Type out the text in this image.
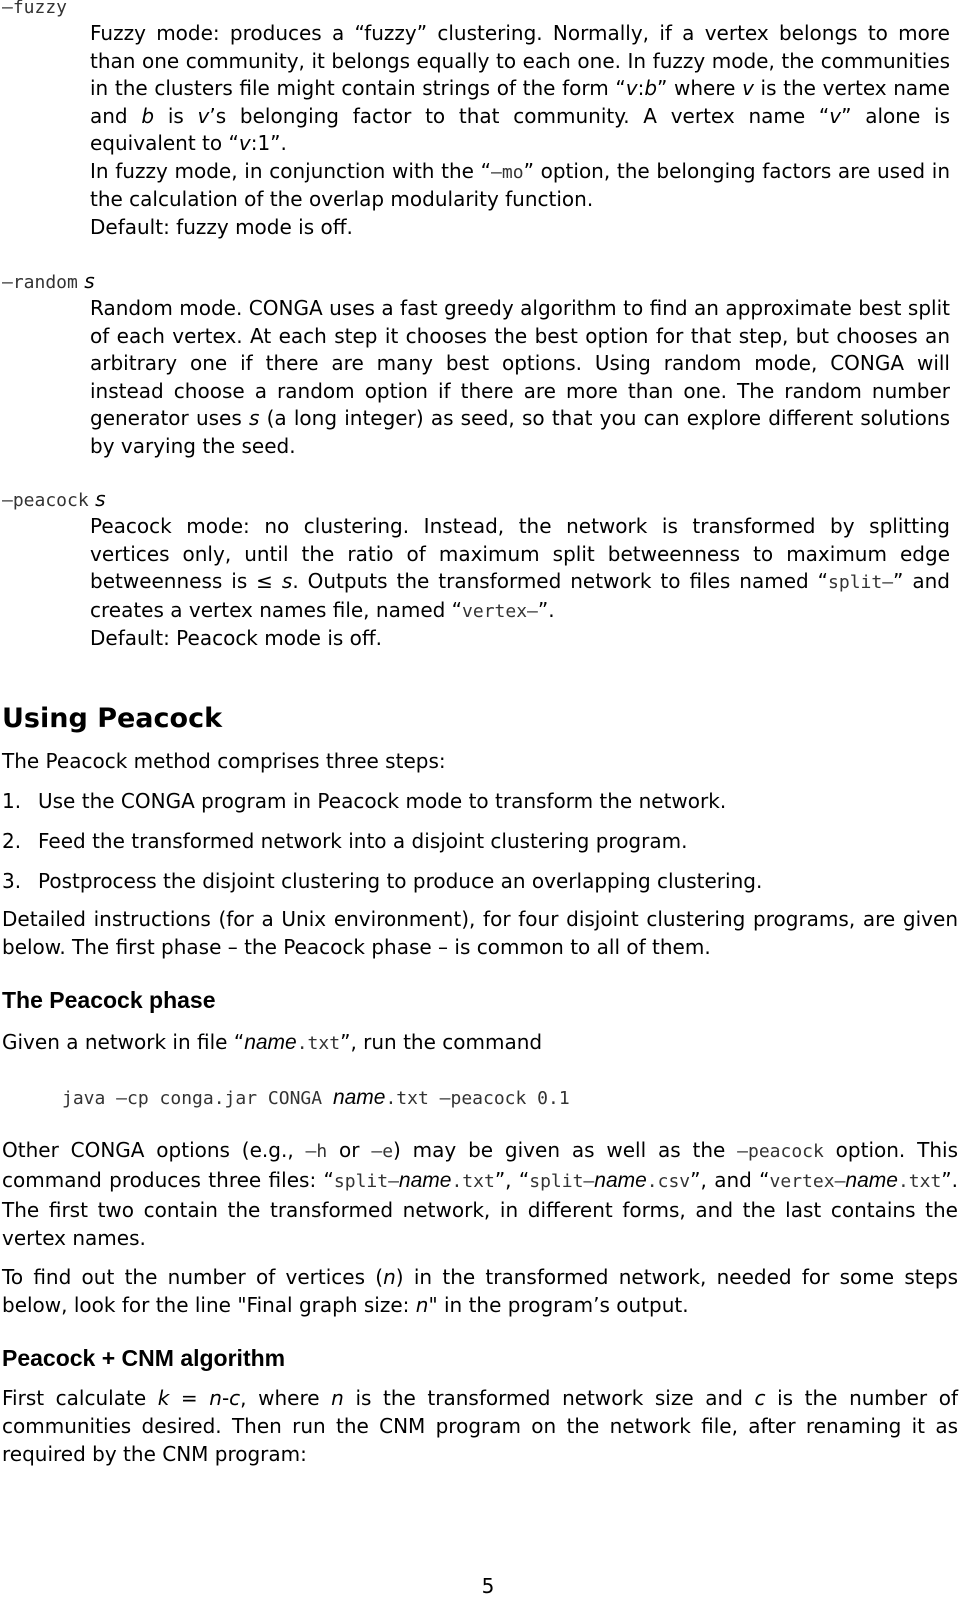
–fuzzy

Fuzzy mode: produces a “fuzzy” clustering. Normally, if a vertex belongs to more than one community, it belongs equally to each one. In fuzzy mode, the communities in the clusters file might contain strings of the form “v:b” where v is the vertex name and b is v’s belonging factor to that community. A vertex name “v” alone is equivalent to “v:1”.

In fuzzy mode, in conjunction with the “–mo” option, the belonging factors are used in the calculation of the overlap modularity function.

Default: fuzzy mode is off.

–random s

Random mode. CONGA uses a fast greedy algorithm to find an approximate best split of each vertex. At each step it chooses the best option for that step, but chooses an arbitrary one if there are many best options. Using random mode, CONGA will instead choose a random option if there are more than one. The random number generator uses s (a long integer) as seed, so that you can explore different solutions by varying the seed.

–peacock s

Peacock mode: no clustering. Instead, the network is transformed by splitting vertices only, until the ratio of maximum split betweenness to maximum edge betweenness is ≤ s. Outputs the transformed network to files named “split–” and creates a vertex names file, named “vertex–”.

Default: Peacock mode is off.

Using Peacock
The Peacock method comprises three steps:
1. Use the CONGA program in Peacock mode to transform the network.
2. Feed the transformed network into a disjoint clustering program.
3. Postprocess the disjoint clustering to produce an overlapping clustering.
Detailed instructions (for a Unix environment), for four disjoint clustering programs, are given below. The first phase – the Peacock phase – is common to all of them.
The Peacock phase
Given a network in file “name.txt”, run the command
java –cp conga.jar CONGA name.txt –peacock 0.1

Other CONGA options (e.g., –h or –e) may be given as well as the –peacock option. This command produces three files: “split–name.txt”, “split–name.csv”, and “vertex–name.txt”. The first two contain the transformed network, in different forms, and the last contains the vertex names.

To find out the number of vertices (n) in the transformed network, needed for some steps below, look for the line "Final graph size: n" in the program’s output.
Peacock + CNM algorithm
First calculate k = n-c, where n is the transformed network size and c is the number of communities desired. Then run the CNM program on the network file, after renaming it as required by the CNM program:
5
